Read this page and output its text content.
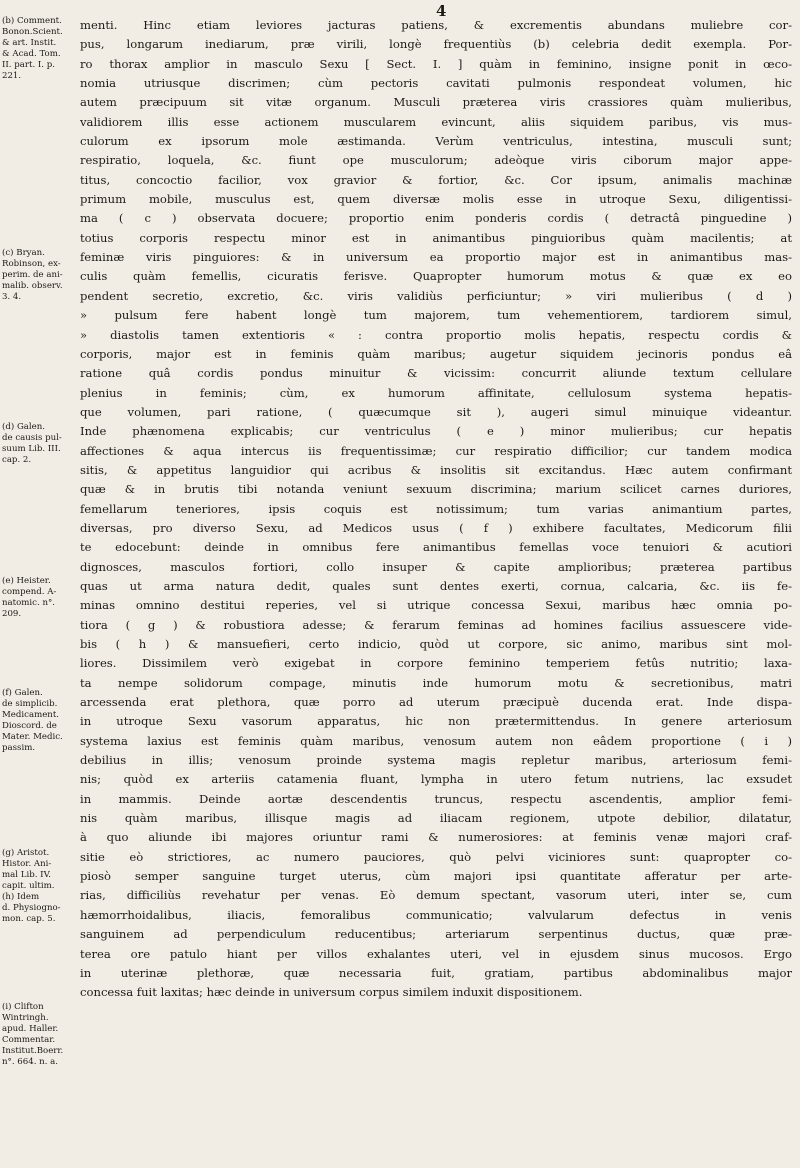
4
(b) Comment.
Bonon.Scient.
& art. Instit.
& Acad. Tom.
II. part. I. p.
221.
(c) Bryan.
Robinson, ex-
perim. de ani-
malib. observ.
3. 4.
(d) Galen.
de causis pul-
suum Lib. III.
cap. 2.
(e) Heister.
compend. A-
natomic. n°.
209.
(f) Galen.
de simplicib.
Medicament.
Dioscord. de
Mater. Medic.
passim.
(g) Aristot.
Histor. Ani-
mal Lib. IV.
capit. ultim.
(h) Idem
d. Physiogno-
mon. cap. 5.
(i) Clifton
Wintringh.
apud. Haller.
Commentar.
Institut.Boerr.
n°. 664. n. a.
menti. Hinc etiam leviores jacturas patiens, & excrementis abundans muliebre cor-
pus, longarum inediarum, præ virili, longè frequentiùs (b) celebria dedit exempla. Por-
ro thorax amplior in masculo Sexu [ Sect. I. ] quàm in feminino, insigne ponit in œco-
nomia utriusque discrimen; cùm pectoris cavitati pulmonis respondeat volumen, hic
autem præcipuum sit vitæ organum. Musculi præterea viris crassiores quàm mulieribus,
validiorem illis esse actionem muscularem evincunt, aliis siquidem paribus, vis mus-
culorum ex ipsorum mole æstimanda. Verùm ventriculus, intestina, musculi sunt;
respiratio, loquela, &c. fiunt ope musculorum; adeòque viris ciborum major appe-
titus, concoctio facilior, vox gravior & fortior, &c. Cor ipsum, animalis machinæ
primum mobile, musculus est, quem diversæ molis esse in utroque Sexu, diligentissi-
ma ( c ) observata docuere; proportio enim ponderis cordis ( detractâ pinguedine )
totius corporis respectu minor est in animantibus pinguioribus quàm macilentis; at
feminæ viris pinguiores: & in universum ea proportio major est in animantibus mas-
culis quàm femellis, cicuratis ferisve. Quapropter humorum motus & quæ ex eo
pendent secretio, excretio, &c. viris validiùs perficiuntur; » viri mulieribus ( d )
» pulsum fere habent longè tum majorem, tum vehementiorem, tardiorem simul,
» diastolis tamen extentioris « : contra proportio molis hepatis, respectu cordis &
corporis, major est in feminis quàm maribus; augetur siquidem jecinoris pondus eâ
ratione quâ cordis pondus minuitur & vicissim: concurrit aliunde textum cellulare
plenius in feminis; cùm, ex humorum affinitate, cellulosum systema hepatis-
que volumen, pari ratione, ( quæcumque sit ), augeri simul minuique videantur.
Inde phænomena explicabis; cur ventriculus ( e ) minor mulieribus; cur hepatis
affectiones & aqua intercus iis frequentissimæ; cur respiratio difficilior; cur tandem modica
sitis, & appetitus languidior qui acribus & insolitis sit excitandus. Hæc autem confirmant
quæ & in brutis tibi notanda veniunt sexuum discrimina; marium scilicet carnes duriores,
femellarum teneriores, ipsis coquis est notissimum; tum varias animantium partes,
diversas, pro diverso Sexu, ad Medicos usus ( f ) exhibere facultates, Medicorum filii
te edocebunt: deinde in omnibus fere animantibus femellas voce tenuiori & acutiori
dignosces, masculos fortiori, collo insuper & capite amplioribus; præterea partibus
quas ut arma natura dedit, quales sunt dentes exerti, cornua, calcaria, &c. iis fe-
minas omnino destitui reperies, vel si utrique concessa Sexui, maribus hæc omnia po-
tiora ( g ) & robustiora adesse; & ferarum feminas ad homines facilius assuescere vide-
bis ( h ) & mansuefieri, certo indicio, quòd ut corpore, sic animo, maribus sint mol-
liores. Dissimilem verò exigebat in corpore feminino temperiem fetûs nutritio; laxa-
ta nempe solidorum compage, minutis inde humorum motu & secretionibus, matri
arcessenda erat plethora, quæ porro ad uterum præcipuè ducenda erat. Inde dispa-
in utroque Sexu vasorum apparatus, hic non prætermittendus. In genere arteriosum
systema laxius est feminis quàm maribus, venosum autem non eâdem proportione ( i )
debilius in illis; venosum proinde systema magis repletur maribus, arteriosum femi-
nis; quòd ex arteriis catamenia fluant, lympha in utero fetum nutriens, lac exsudet
in mammis. Deinde aortæ descendentis truncus, respectu ascendentis, amplior femi-
nis quàm maribus, illisque magis ad iliacam regionem, utpote debilior, dilatatur,
à quo aliunde ibi majores oriuntur rami & numerosiores: at feminis venæ majori craf-
sitie eò strictiores, ac numero pauciores, quò pelvi viciniores sunt: quapropter co-
piosò semper sanguine turget uterus, cùm majori ipsi quantitate afferatur per arte-
rias, difficiliùs revehatur per venas. Eò demum spectant, vasorum uteri, inter se, cum
hæmorrhoidalibus, iliacis, femoralibus communicatio; valvularum defectus in venis
sanguinem ad perpendiculum reducentibus; arteriarum serpentinus ductus, quæ præ-
terea ore patulo hiant per villos exhalantes uteri, vel in ejusdem sinus mucosos. Ergo
in uterinæ plethoræ, quæ necessaria fuit, gratiam, partibus abdominalibus major
concessa fuit laxitas; hæc deinde in universum corpus similem induxit dispositionem.
